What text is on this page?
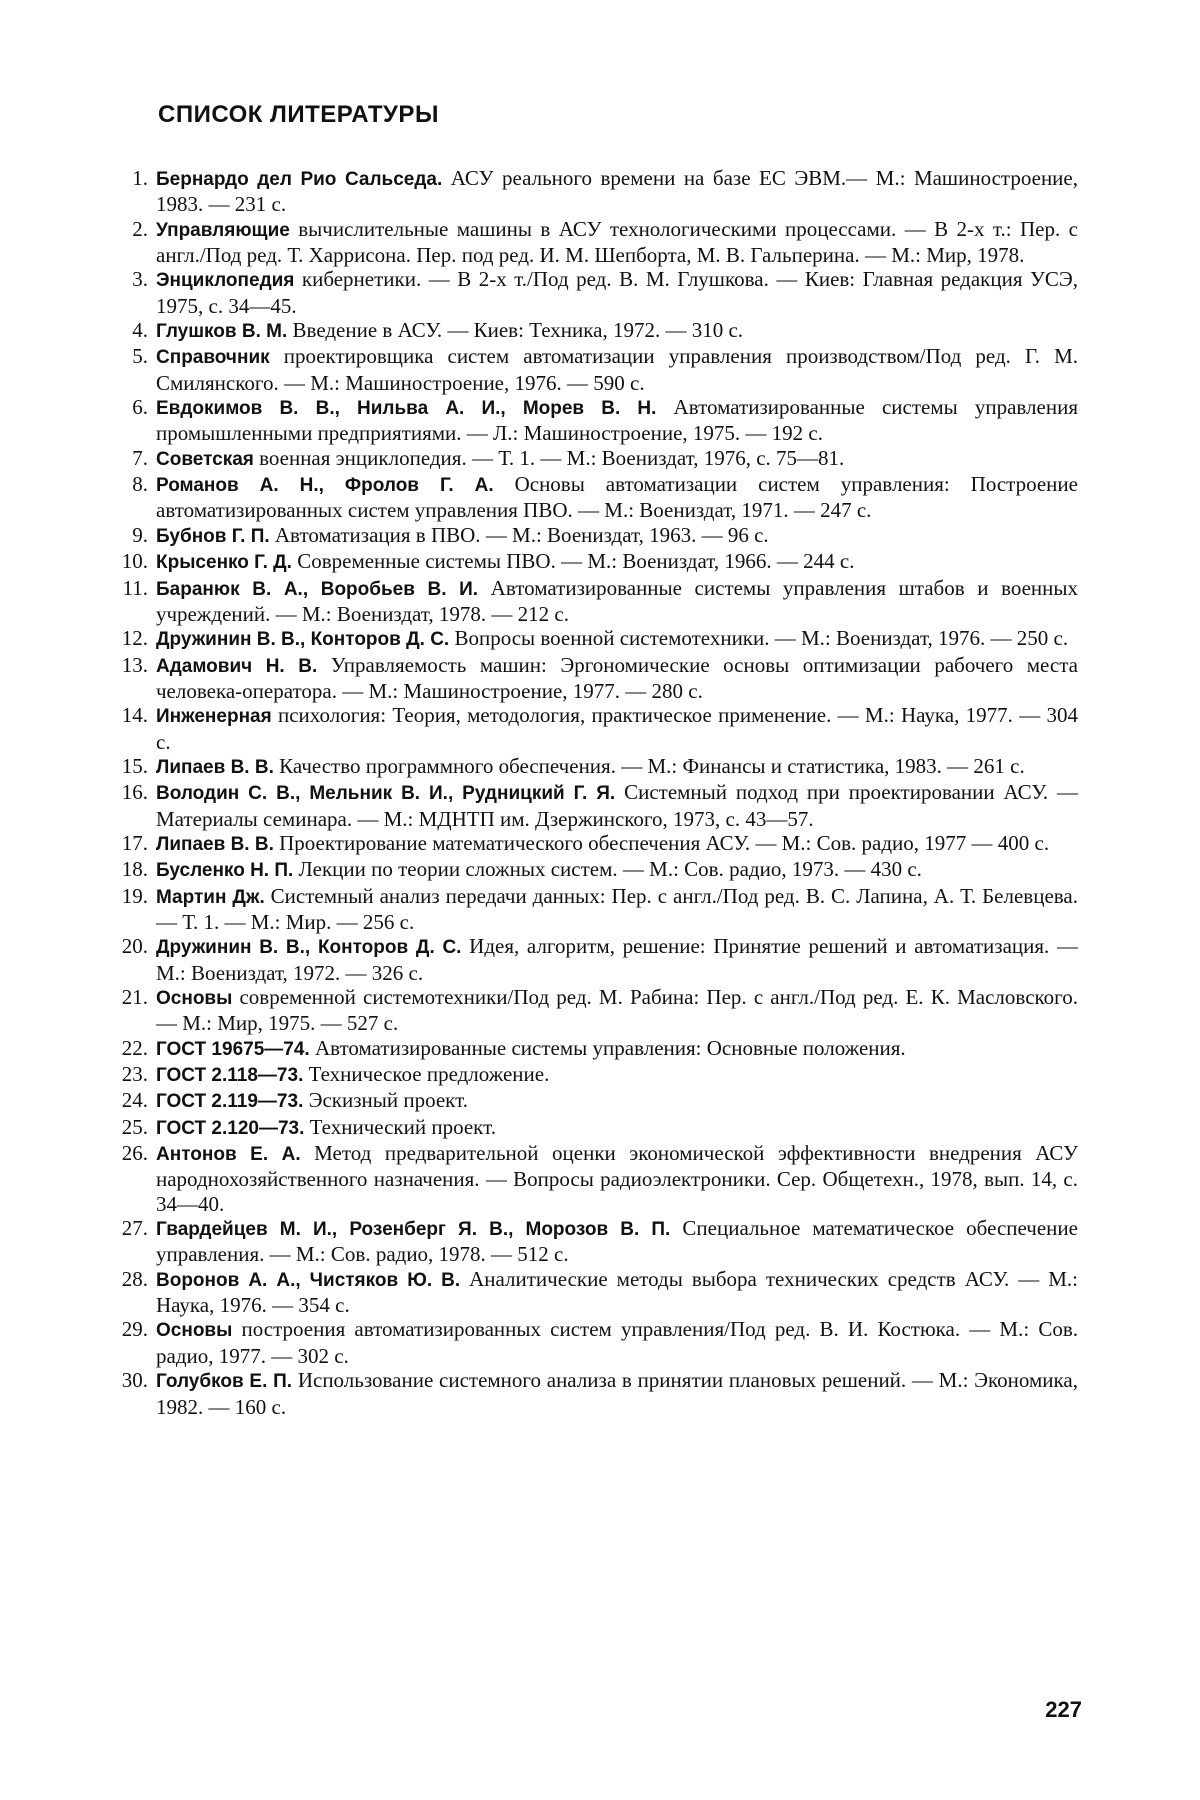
СПИСОК ЛИТЕРАТУРЫ
1. Бернардо дел Рио Сальседа. АСУ реального времени на базе ЕС ЭВМ.— М.: Машиностроение, 1983. — 231 с.
2. Управляющие вычислительные машины в АСУ технологическими процессами. — В 2-х т.: Пер. с англ./Под ред. Т. Харрисона. Пер. под ред. И. М. Шепборта, М. В. Гальперина. — М.: Мир, 1978.
3. Энциклопедия кибернетики. — В 2-х т./Под ред. В. М. Глушкова. — Киев: Главная редакция УСЭ, 1975, с. 34—45.
4. Глушков В. М. Введение в АСУ. — Киев: Техника, 1972. — 310 с.
5. Справочник проектировщика систем автоматизации управления производством/Под ред. Г. М. Смилянского. — М.: Машиностроение, 1976. — 590 с.
6. Евдокимов В. В., Нильва А. И., Морев В. Н. Автоматизированные системы управления промышленными предприятиями. — Л.: Машиностроение, 1975. — 192 с.
7. Советская военная энциклопедия. — Т. 1. — М.: Воениздат, 1976, с. 75—81.
8. Романов А. Н., Фролов Г. А. Основы автоматизации систем управления: Построение автоматизированных систем управления ПВО. — М.: Воениздат, 1971. — 247 с.
9. Бубнов Г. П. Автоматизация в ПВО. — М.: Воениздат, 1963. — 96 с.
10. Крысенко Г. Д. Современные системы ПВО. — М.: Воениздат, 1966. — 244 с.
11. Баранюк В. А., Воробьев В. И. Автоматизированные системы управления штабов и военных учреждений. — М.: Воениздат, 1978. — 212 с.
12. Дружинин В. В., Конторов Д. С. Вопросы военной системотехники. — М.: Воениздат, 1976. — 250 с.
13. Адамович Н. В. Управляемость машин: Эргономические основы оптимизации рабочего места человека-оператора. — М.: Машиностроение, 1977. — 280 с.
14. Инженерная психология: Теория, методология, практическое применение. — М.: Наука, 1977. — 304 с.
15. Липаев В. В. Качество программного обеспечения. — М.: Финансы и статистика, 1983. — 261 с.
16. Володин С. В., Мельник В. И., Рудницкий Г. Я. Системный подход при проектировании АСУ. — Материалы семинара. — М.: МДНТП им. Дзержинского, 1973, с. 43—57.
17. Липаев В. В. Проектирование математического обеспечения АСУ. — М.: Сов. радио, 1977 — 400 с.
18. Бусленко Н. П. Лекции по теории сложных систем. — М.: Сов. радио, 1973. — 430 с.
19. Мартин Дж. Системный анализ передачи данных: Пер. с англ./Под ред. В. С. Лапина, А. Т. Белевцева. — Т. 1. — М.: Мир. — 256 с.
20. Дружинин В. В., Конторов Д. С. Идея, алгоритм, решение: Принятие решений и автоматизация. — М.: Воениздат, 1972. — 326 с.
21. Основы современной системотехники/Под ред. М. Рабина: Пер. с англ./Под ред. Е. К. Масловского. — М.: Мир, 1975. — 527 с.
22. ГОСТ 19675—74. Автоматизированные системы управления: Основные положения.
23. ГОСТ 2.118—73. Техническое предложение.
24. ГОСТ 2.119—73. Эскизный проект.
25. ГОСТ 2.120—73. Технический проект.
26. Антонов Е. А. Метод предварительной оценки экономической эффективности внедрения АСУ народнохозяйственного назначения. — Вопросы радиоэлектроники. Сер. Общетехн., 1978, вып. 14, с. 34—40.
27. Гвардейцев М. И., Розенберг Я. В., Морозов В. П. Специальное математическое обеспечение управления. — М.: Сов. радио, 1978. — 512 с.
28. Воронов А. А., Чистяков Ю. В. Аналитические методы выбора технических средств АСУ. — М.: Наука, 1976. — 354 с.
29. Основы построения автоматизированных систем управления/Под ред. В. И. Костюка. — М.: Сов. радио, 1977. — 302 с.
30. Голубков Е. П. Использование системного анализа в принятии плановых решений. — М.: Экономика, 1982. — 160 с.
227
